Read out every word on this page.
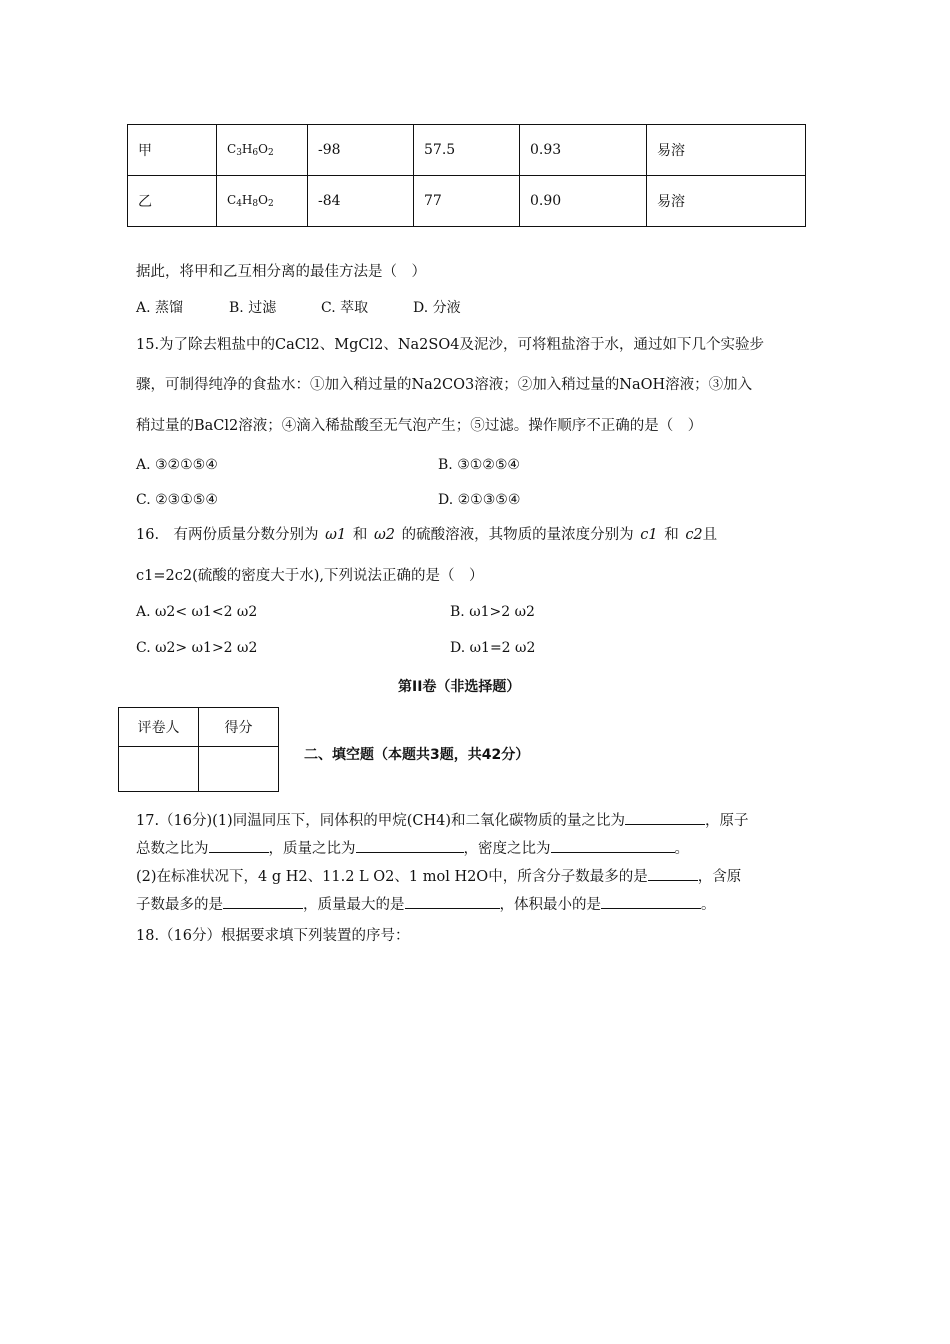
甲	$C_3H_6O_2$	-98	57.5	0.93	易溶
乙	$C_4H_8O_2$	-84	77	0.90	易溶
据此，将甲和乙互相分离的最佳方法是（　）
A. 蒸馏	B. 过滤	C. 萃取	D. 分液
15.为了除去粗盐中的CaCl2、MgCl2、Na2SO4及泥沙，可将粗盐溶于水，通过如下几个实验步
骤，可制得纯净的食盐水：①加入稍过量的Na2CO3溶液；②加入稍过量的NaOH溶液；③加入
稍过量的BaCl2溶液；④滴入稀盐酸至无气泡产生；⑤过滤。操作顺序不正确的是（　）
A. ③②①⑤④	B. ③①②⑤④
C. ②③①⑤④	D. ②①③⑤④
16.　有两份质量分数分别为 ω1 和 ω2 的硫酸溶液，其物质的量浓度分别为 c1 和 c2且
c1=2c2(硫酸的密度大于水),下列说法正确的是（　）
A. ω2< ω1<2 ω2	B. ω1>2 ω2
C. ω2> ω1>2 ω2	D. ω1=2 ω2
第II卷（非选择题）
评卷人	得分

二、填空题（本题共3题，共42分）
17.（16分)(1)同温同压下，同体积的甲烷(CH4)和二氧化碳物质的量之比为	，原子
总数之比为	，质量之比为	，密度之比为	。
(2)在标准状况下，4 g H2、11.2 L O2、1 mol H2O中，所含分子数最多的是	，含原
子数最多的是	，质量最大的是	，体积最小的是	。
18.（16分）根据要求填下列装置的序号：
